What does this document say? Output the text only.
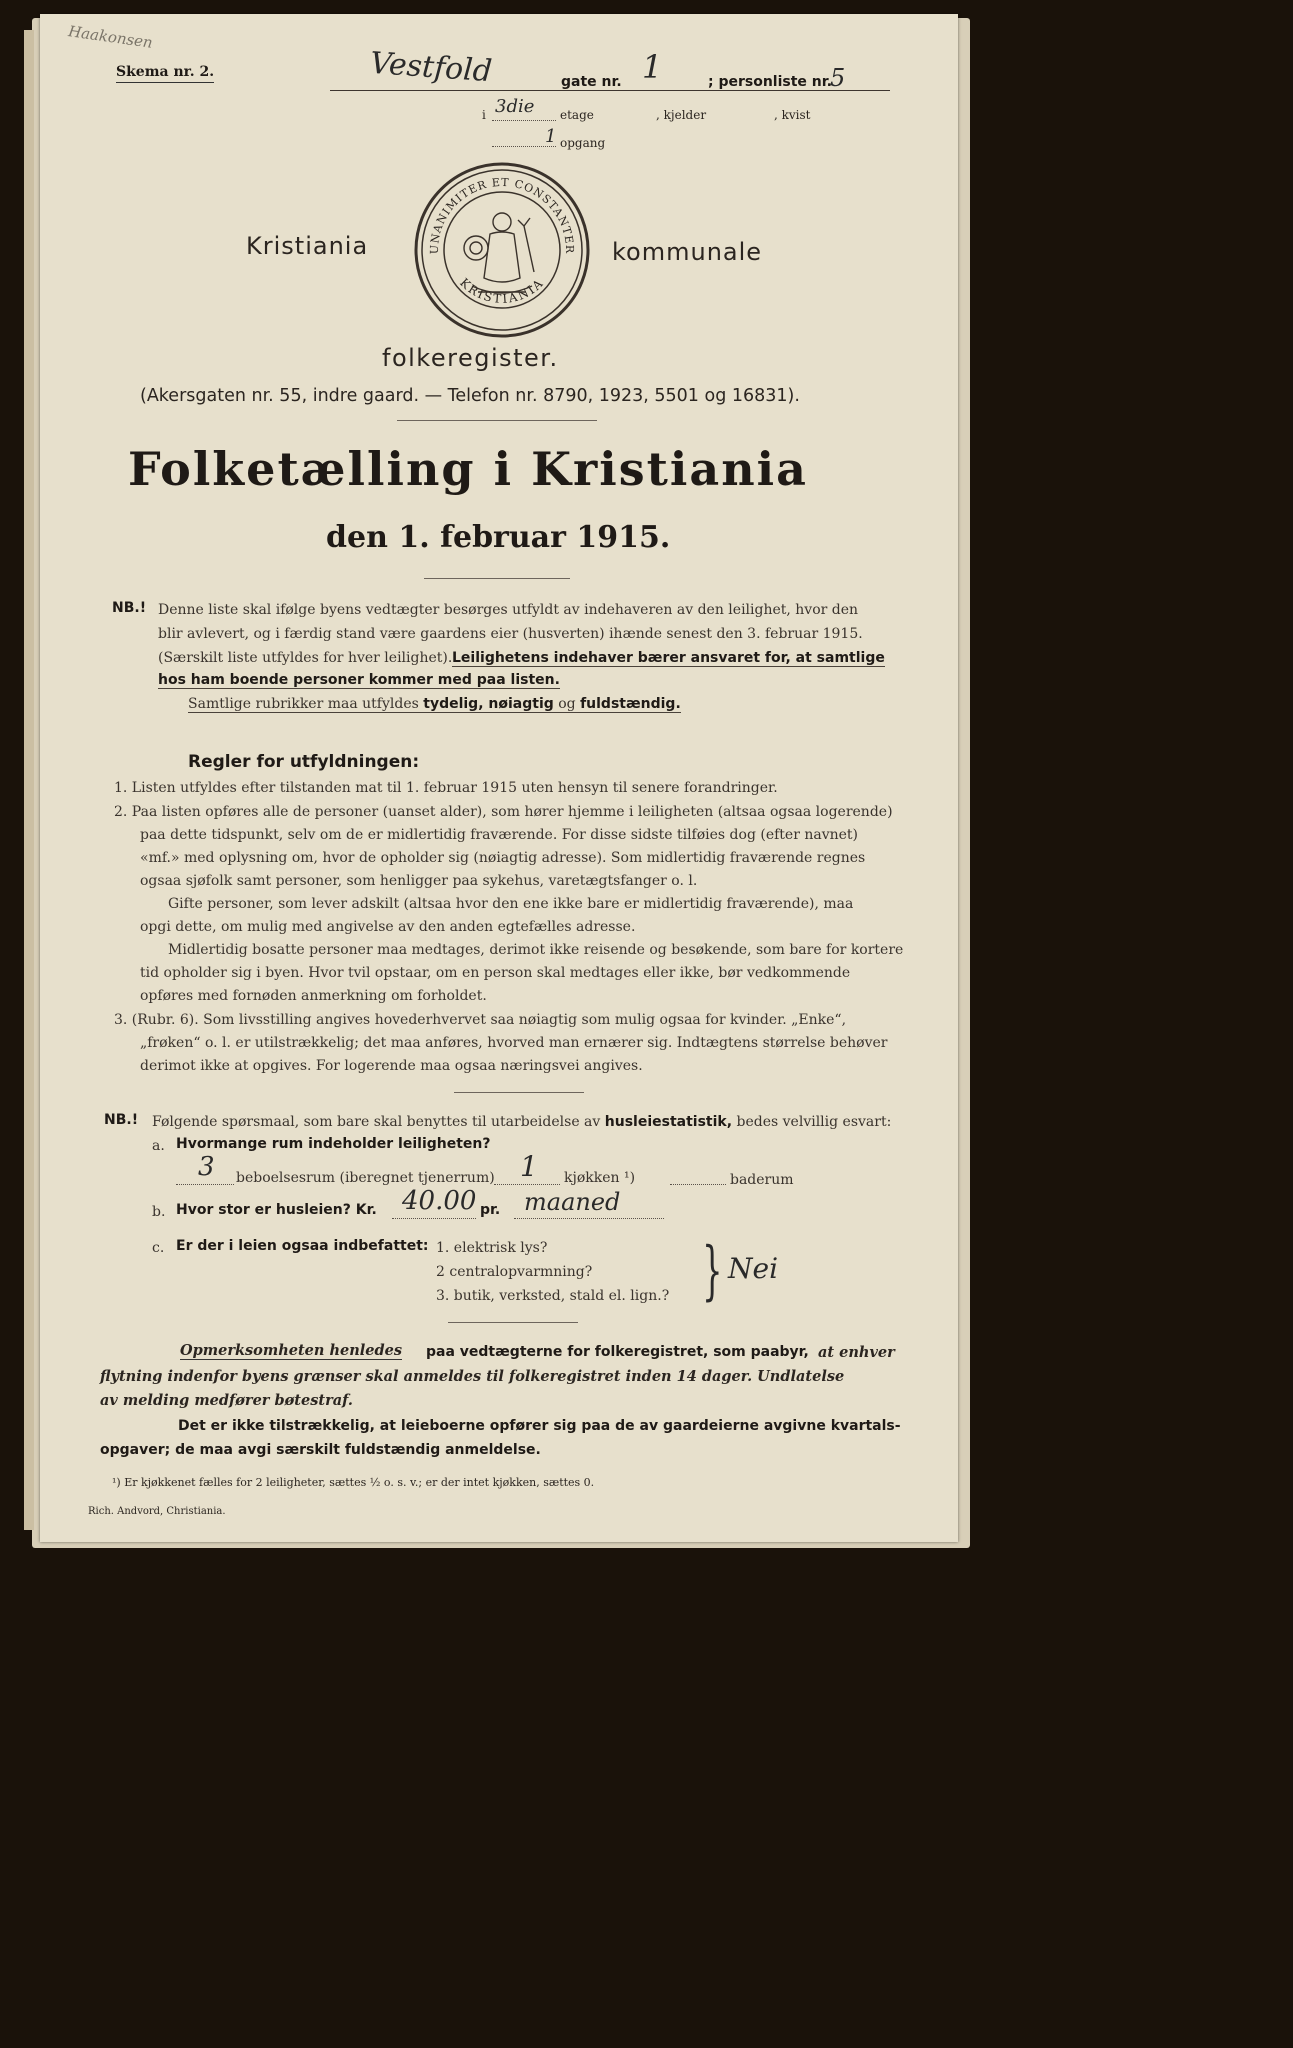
Haakonsen
Skema nr. 2.	Vestfold	gate nr. 1	; personliste nr.
5
i 3die etage	, kjelder	, kvist
1 opgang
Kristiania	kommunale
UNANIMITER ET CONSTANTER
KRISTIANIA
folkeregister.
(Akersgaten nr. 55, indre gaard. — Telefon nr. 8790, 1923, 5501 og 16831).
Folketælling i Kristiania
den 1. februar 1915.
NB.! Denne liste skal ifølge byens vedtægter besørges utfyldt av indehaveren av den leilighet, hvor den
blir avlevert, og i færdig stand være gaardens eier (husverten) ihænde senest den 3. februar 1915.
(Særskilt liste utfyldes for hver leilighet). Leilighetens indehaver bærer ansvaret for, at samtlige
hos ham boende personer kommer med paa listen.
Samtlige rubrikker maa utfyldes tydelig, nøiagtig og fuldstændig.
Regler for utfyldningen:
1. Listen utfyldes efter tilstanden mat til 1. februar 1915 uten hensyn til senere forandringer.
2. Paa listen opføres alle de personer (uanset alder), som hører hjemme i leiligheten (altsaa ogsaa logerende)
paa dette tidspunkt, selv om de er midlertidig fraværende. For disse sidste tilføies dog (efter navnet)
«mf.» med oplysning om, hvor de opholder sig (nøiagtig adresse). Som midlertidig fraværende regnes
ogsaa sjøfolk samt personer, som henligger paa sykehus, varetægtsfanger o. l.
Gifte personer, som lever adskilt (altsaa hvor den ene ikke bare er midlertidig fraværende), maa
opgi dette, om mulig med angivelse av den anden egtefælles adresse.
Midlertidig bosatte personer maa medtages, derimot ikke reisende og besøkende, som bare for kortere
tid opholder sig i byen. Hvor tvil opstaar, om en person skal medtages eller ikke, bør vedkommende
opføres med fornøden anmerkning om forholdet.
3. (Rubr. 6). Som livsstilling angives hovederhvervet saa nøiagtig som mulig ogsaa for kvinder. „Enke“,
„frøken“ o. l. er utilstrækkelig; det maa anføres, hvorved man ernærer sig. Indtægtens størrelse behøver
derimot ikke at opgives. For logerende maa ogsaa næringsvei angives.
NB.! Følgende spørsmaal, som bare skal benyttes til utarbeidelse av husleiestatistik, bedes velvillig esvart:
a. Hvormange rum indeholder leiligheten?
3 beboelsesrum (iberegnet tjenerrum) 1 kjøkken ¹)	baderum
b. Hvor stor er husleien? Kr. 40.00 pr. maaned
c. Er der i leien ogsaa indbefattet: 1. elektrisk lys?
2 centralopvarmning?
3. butik, verksted, stald el. lign.? } Nei
Opmerksomheten henledes paa vedtægterne for folkeregistret, som paabyr, at enhver
flytning indenfor byens grænser skal anmeldes til folkeregistret inden 14 dager. Undlatelse
av melding medfører bøtestraf.
Det er ikke tilstrækkelig, at leieboerne opfører sig paa de av gaardeierne avgivne kvartals-
opgaver; de maa avgi særskilt fuldstændig anmeldelse.
¹) Er kjøkkenet fælles for 2 leiligheter, sættes ½ o. s. v.; er der intet kjøkken, sættes 0.
Rich. Andvord, Christiania.
